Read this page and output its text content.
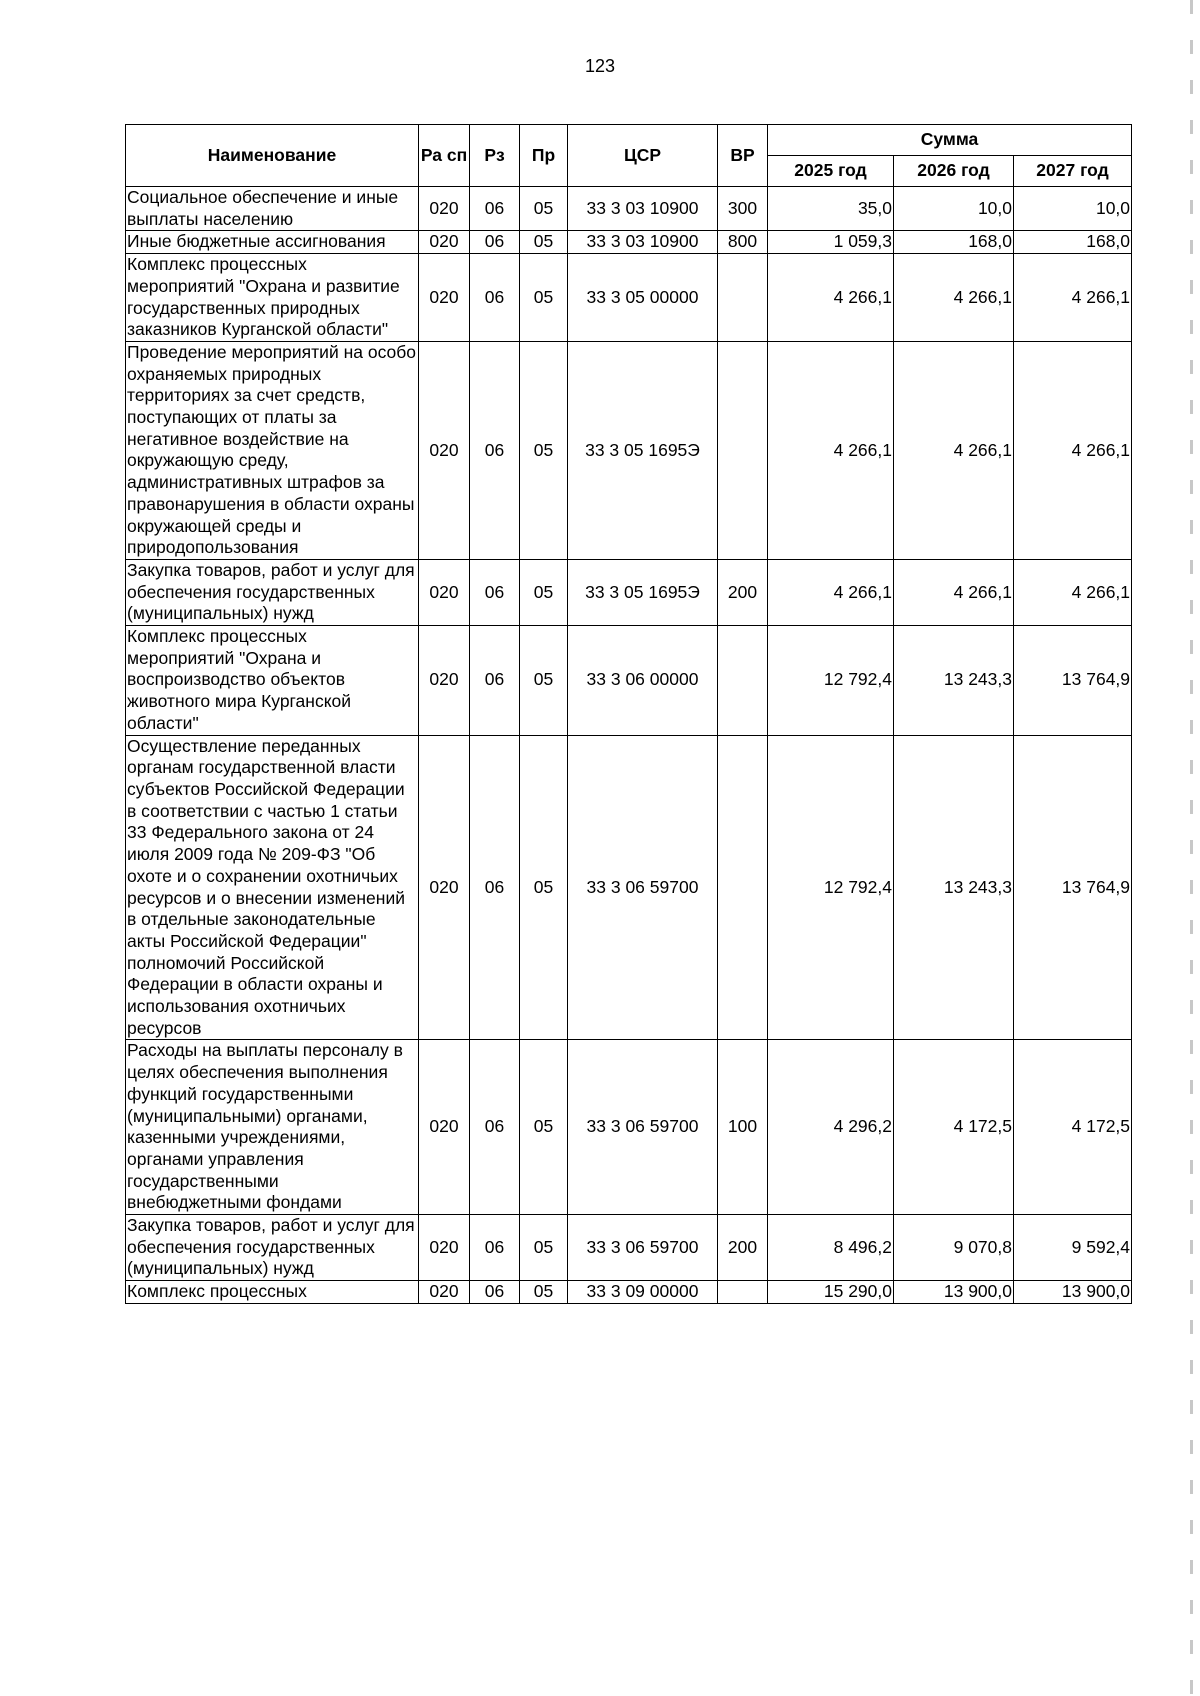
123
Наименование	Ра сп	Рз	Пр	ЦСР	ВР	Сумма		
						2025 год	2026 год	2027 год
Социальное обеспечение и иные выплаты населению	020	06	05	33 3 03 10900	300	35,0	10,0	10,0
Иные бюджетные ассигнования	020	06	05	33 3 03 10900	800	1 059,3	168,0	168,0
Комплекс процессных мероприятий "Охрана и развитие государственных природных заказников Курганской области"	020	06	05	33 3 05 00000		4 266,1	4 266,1	4 266,1
Проведение мероприятий на особо охраняемых природных территориях за счет средств, поступающих от платы за негативное воздействие на окружающую среду, административных штрафов за правонарушения в области охраны окружающей среды и природопользования	020	06	05	33 3 05 1695Э		4 266,1	4 266,1	4 266,1
Закупка товаров, работ и услуг для обеспечения государственных (муниципальных) нужд	020	06	05	33 3 05 1695Э	200	4 266,1	4 266,1	4 266,1
Комплекс процессных мероприятий "Охрана и воспроизводство объектов животного мира Курганской области"	020	06	05	33 3 06 00000		12 792,4	13 243,3	13 764,9
Осуществление переданных органам государственной власти субъектов Российской Федерации в соответствии с частью 1 статьи 33 Федерального закона от 24 июля 2009 года № 209-ФЗ "Об охоте и о сохранении охотничьих ресурсов и о внесении изменений в отдельные законодательные акты Российской Федерации" полномочий Российской Федерации в области охраны и использования охотничьих ресурсов	020	06	05	33 3 06 59700		12 792,4	13 243,3	13 764,9
Расходы на выплаты персоналу в целях обеспечения выполнения функций государственными (муниципальными) органами, казенными учреждениями, органами управления государственными внебюджетными фондами	020	06	05	33 3 06 59700	100	4 296,2	4 172,5	4 172,5
Закупка товаров, работ и услуг для обеспечения государственных (муниципальных) нужд	020	06	05	33 3 06 59700	200	8 496,2	9 070,8	9 592,4
Комплекс процессных	020	06	05	33 3 09 00000		15 290,0	13 900,0	13 900,0
